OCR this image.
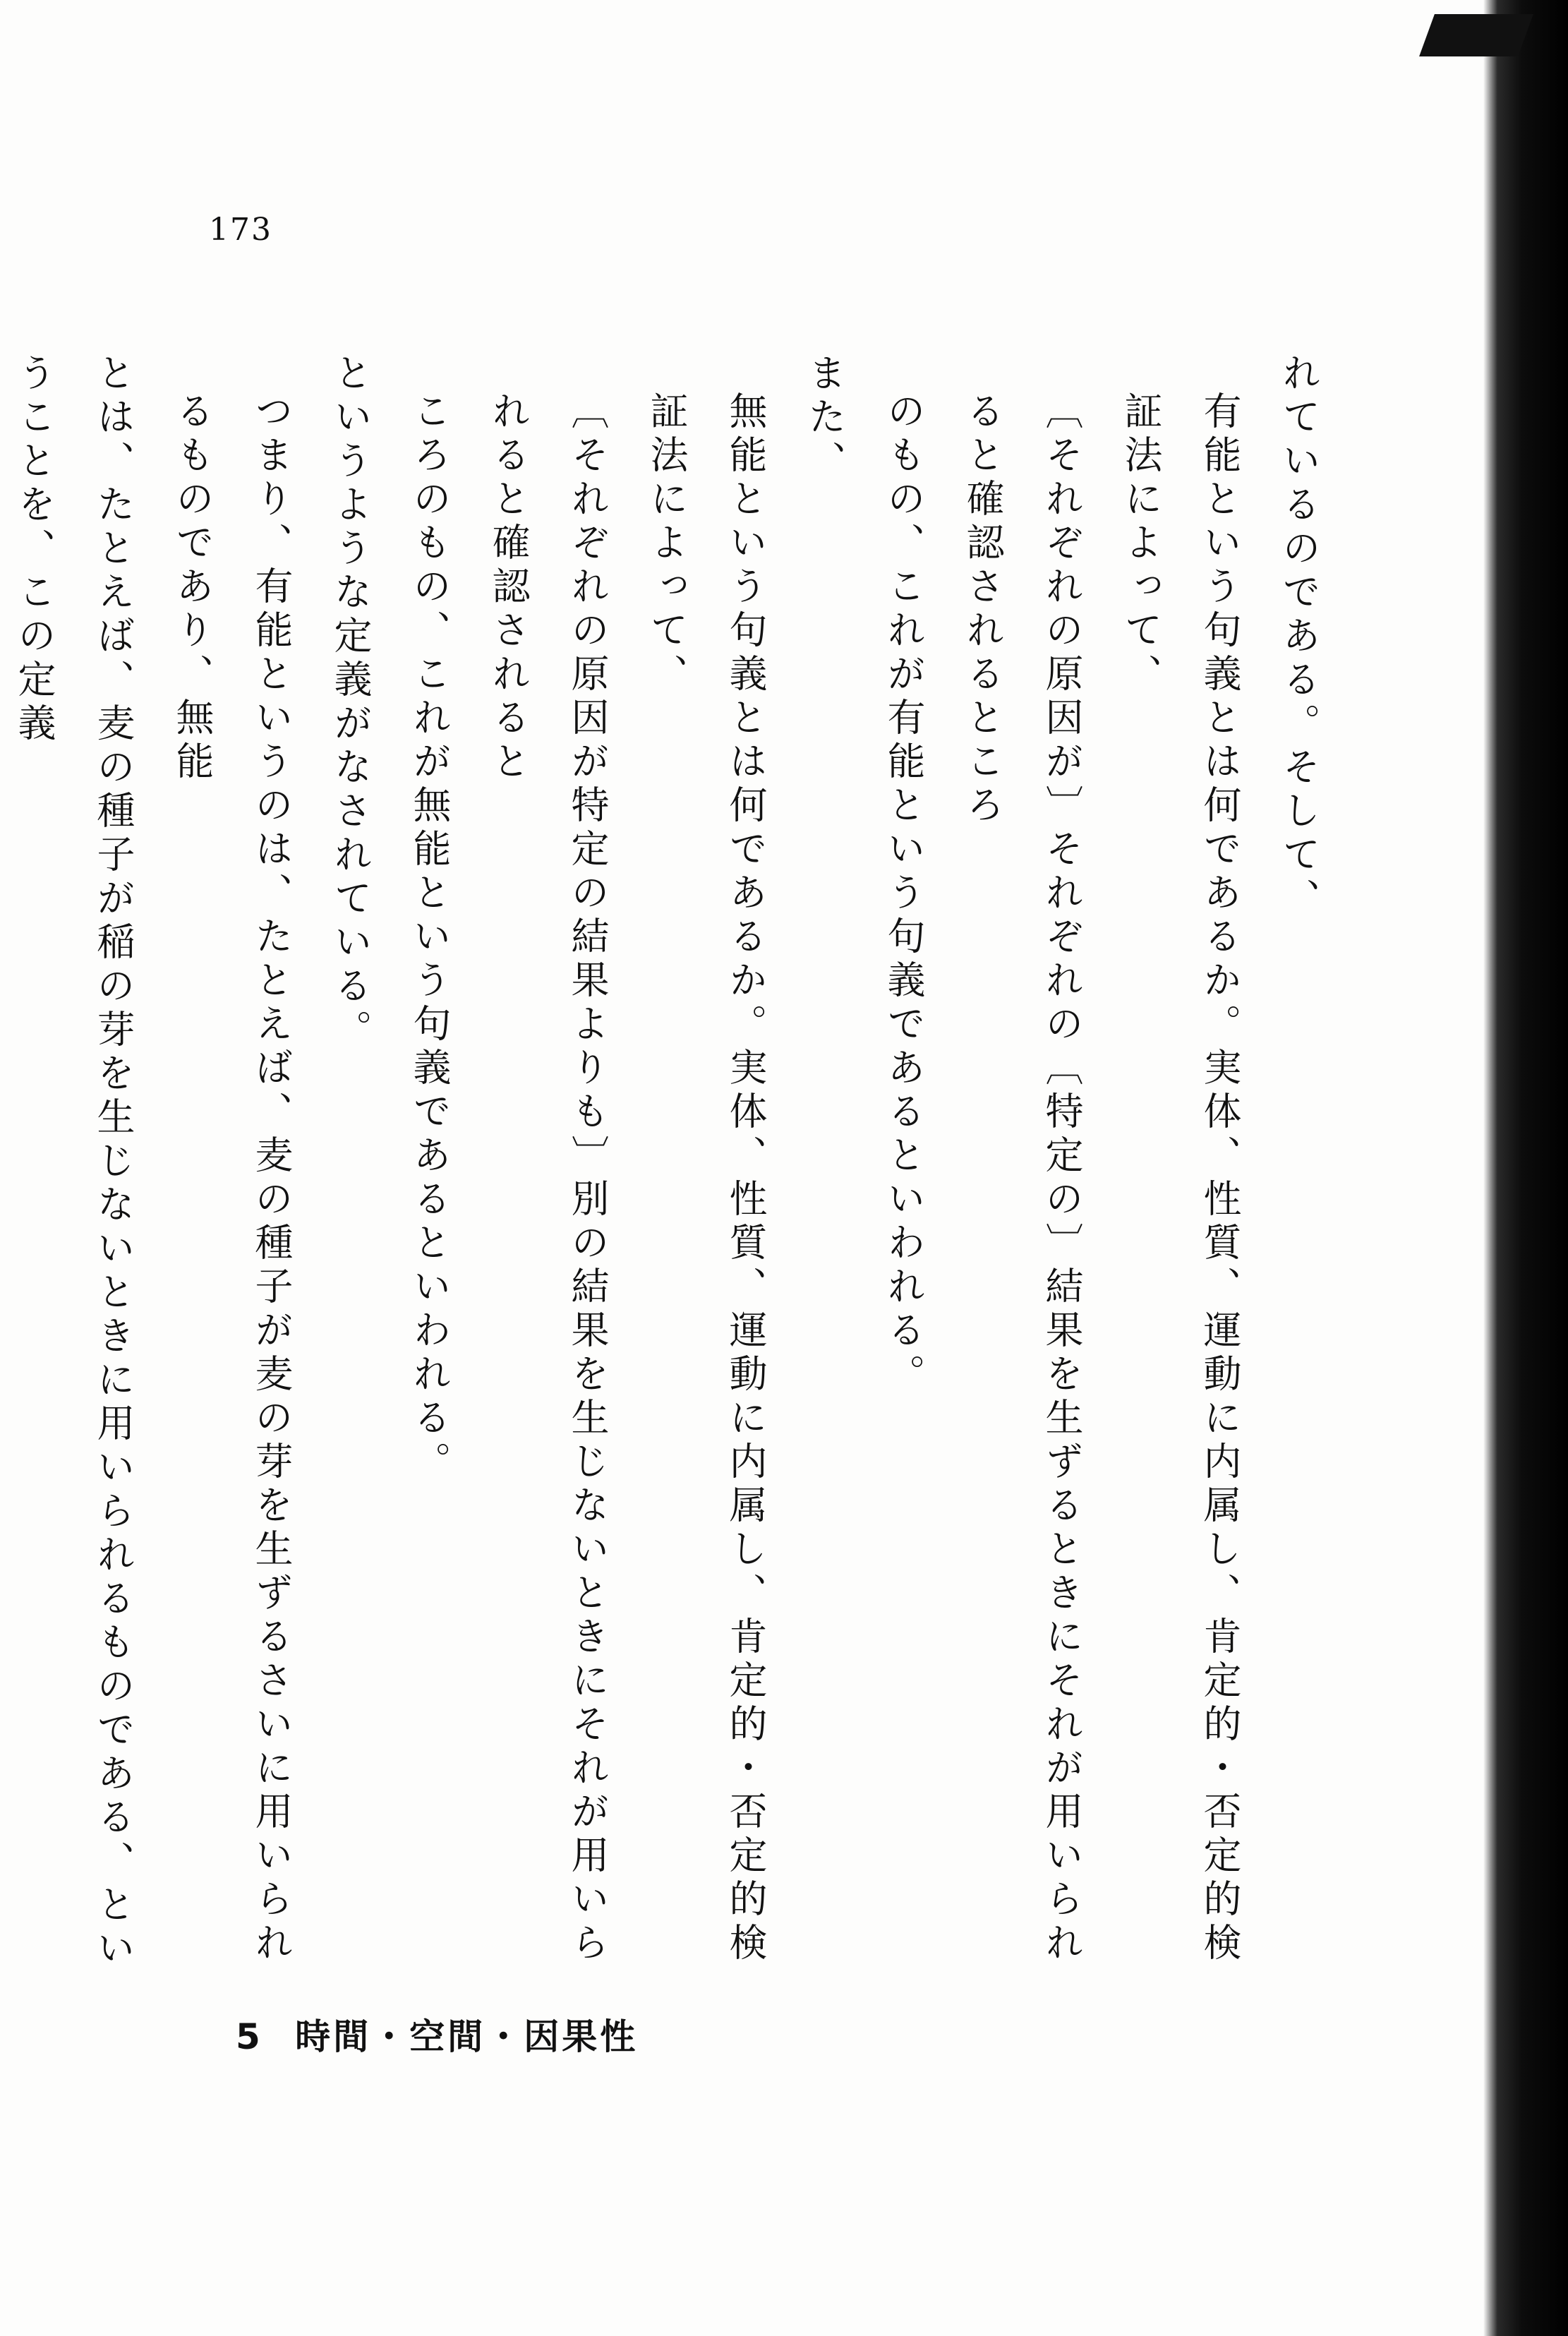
173
れているのである。そして、
有能という句義とは何であるか。実体、性質、運動に内属し、肯定的・否定的検証法によって、
〔それぞれの原因が〕それぞれの〔特定の〕結果を生ずるときにそれが用いられると確認されるところ
のもの、これが有能という句義であるといわれる。
また、
無能という句義とは何であるか。実体、性質、運動に内属し、肯定的・否定的検証法によって、
〔それぞれの原因が特定の結果よりも〕別の結果を生じないときにそれが用いられると確認されると
ころのもの、これが無能という句義であるといわれる。
というような定義がなされている。
つまり、有能というのは、たとえば、麦の種子が麦の芽を生ずるさいに用いられるものであり、無能
とは、たとえば、麦の種子が稲の芽を生じないときに用いられるものである、ということを、この定義
5 時間・空間・因果性
